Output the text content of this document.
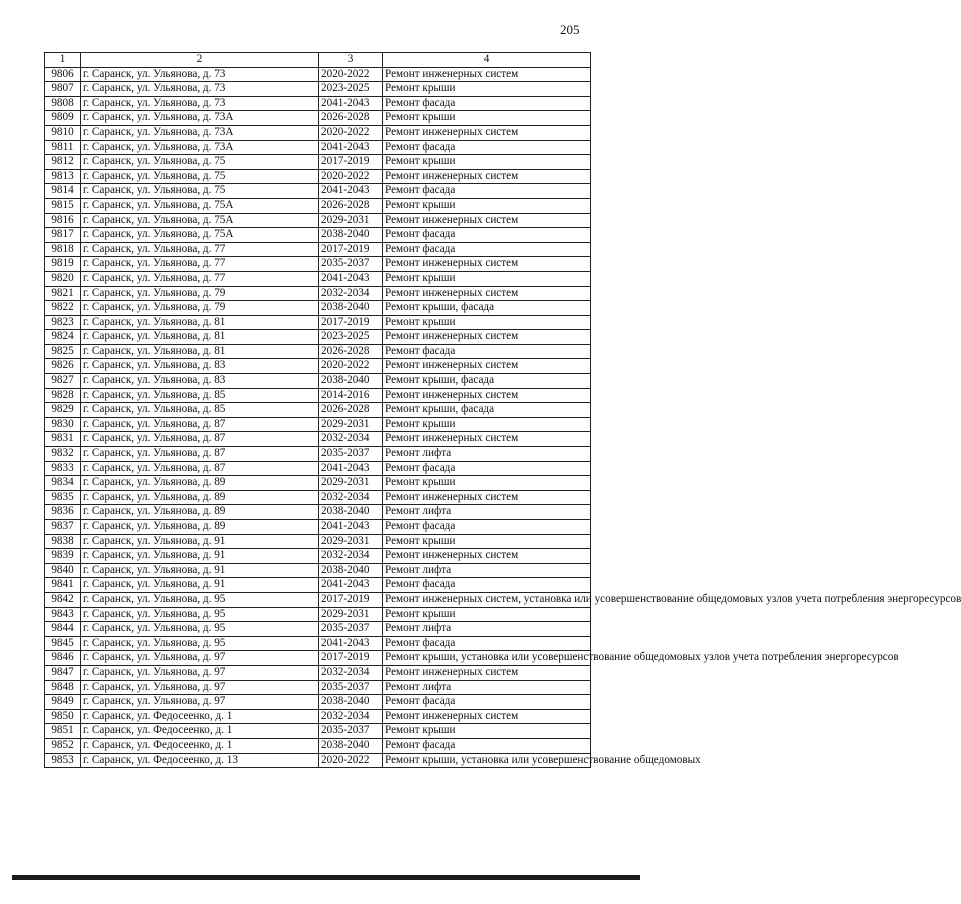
205
1	2	3	4
9806	г. Саранск, ул. Ульянова, д. 73	2020-2022	Ремонт инженерных систем
9807	г. Саранск, ул. Ульянова, д. 73	2023-2025	Ремонт крыши
9808	г. Саранск, ул. Ульянова, д. 73	2041-2043	Ремонт фасада
9809	г. Саранск, ул. Ульянова, д. 73А	2026-2028	Ремонт крыши
9810	г. Саранск, ул. Ульянова, д. 73А	2020-2022	Ремонт инженерных систем
9811	г. Саранск, ул. Ульянова, д. 73А	2041-2043	Ремонт фасада
9812	г. Саранск, ул. Ульянова, д. 75	2017-2019	Ремонт крыши
9813	г. Саранск, ул. Ульянова, д. 75	2020-2022	Ремонт инженерных систем
9814	г. Саранск, ул. Ульянова, д. 75	2041-2043	Ремонт фасада
9815	г. Саранск, ул. Ульянова, д. 75А	2026-2028	Ремонт крыши
9816	г. Саранск, ул. Ульянова, д. 75А	2029-2031	Ремонт инженерных систем
9817	г. Саранск, ул. Ульянова, д. 75А	2038-2040	Ремонт фасада
9818	г. Саранск, ул. Ульянова, д. 77	2017-2019	Ремонт фасада
9819	г. Саранск, ул. Ульянова, д. 77	2035-2037	Ремонт инженерных систем
9820	г. Саранск, ул. Ульянова, д. 77	2041-2043	Ремонт крыши
9821	г. Саранск, ул. Ульянова, д. 79	2032-2034	Ремонт инженерных систем
9822	г. Саранск, ул. Ульянова, д. 79	2038-2040	Ремонт крыши, фасада
9823	г. Саранск, ул. Ульянова, д. 81	2017-2019	Ремонт крыши
9824	г. Саранск, ул. Ульянова, д. 81	2023-2025	Ремонт инженерных систем
9825	г. Саранск, ул. Ульянова, д. 81	2026-2028	Ремонт фасада
9826	г. Саранск, ул. Ульянова, д. 83	2020-2022	Ремонт инженерных систем
9827	г. Саранск, ул. Ульянова, д. 83	2038-2040	Ремонт крыши, фасада
9828	г. Саранск, ул. Ульянова, д. 85	2014-2016	Ремонт инженерных систем
9829	г. Саранск, ул. Ульянова, д. 85	2026-2028	Ремонт крыши, фасада
9830	г. Саранск, ул. Ульянова, д. 87	2029-2031	Ремонт крыши
9831	г. Саранск, ул. Ульянова, д. 87	2032-2034	Ремонт инженерных систем
9832	г. Саранск, ул. Ульянова, д. 87	2035-2037	Ремонт лифта
9833	г. Саранск, ул. Ульянова, д. 87	2041-2043	Ремонт фасада
9834	г. Саранск, ул. Ульянова, д. 89	2029-2031	Ремонт крыши
9835	г. Саранск, ул. Ульянова, д. 89	2032-2034	Ремонт инженерных систем
9836	г. Саранск, ул. Ульянова, д. 89	2038-2040	Ремонт лифта
9837	г. Саранск, ул. Ульянова, д. 89	2041-2043	Ремонт фасада
9838	г. Саранск, ул. Ульянова, д. 91	2029-2031	Ремонт крыши
9839	г. Саранск, ул. Ульянова, д. 91	2032-2034	Ремонт инженерных систем
9840	г. Саранск, ул. Ульянова, д. 91	2038-2040	Ремонт лифта
9841	г. Саранск, ул. Ульянова, д. 91	2041-2043	Ремонт фасада
9842	г. Саранск, ул. Ульянова, д. 95	2017-2019	Ремонт инженерных систем, установка или усовершенствование общедомовых узлов учета потребления энергоресурсов
9843	г. Саранск, ул. Ульянова, д. 95	2029-2031	Ремонт крыши
9844	г. Саранск, ул. Ульянова, д. 95	2035-2037	Ремонт лифта
9845	г. Саранск, ул. Ульянова, д. 95	2041-2043	Ремонт фасада
9846	г. Саранск, ул. Ульянова, д. 97	2017-2019	Ремонт крыши, установка или усовершенствование общедомовых узлов учета потребления энергоресурсов
9847	г. Саранск, ул. Ульянова, д. 97	2032-2034	Ремонт инженерных систем
9848	г. Саранск, ул. Ульянова, д. 97	2035-2037	Ремонт лифта
9849	г. Саранск, ул. Ульянова, д. 97	2038-2040	Ремонт фасада
9850	г. Саранск, ул. Федосеенко, д. 1	2032-2034	Ремонт инженерных систем
9851	г. Саранск, ул. Федосеенко, д. 1	2035-2037	Ремонт крыши
9852	г. Саранск, ул. Федосеенко, д. 1	2038-2040	Ремонт фасада
9853	г. Саранск, ул. Федосеенко, д. 13	2020-2022	Ремонт крыши, установка или усовершенствование общедомовых
